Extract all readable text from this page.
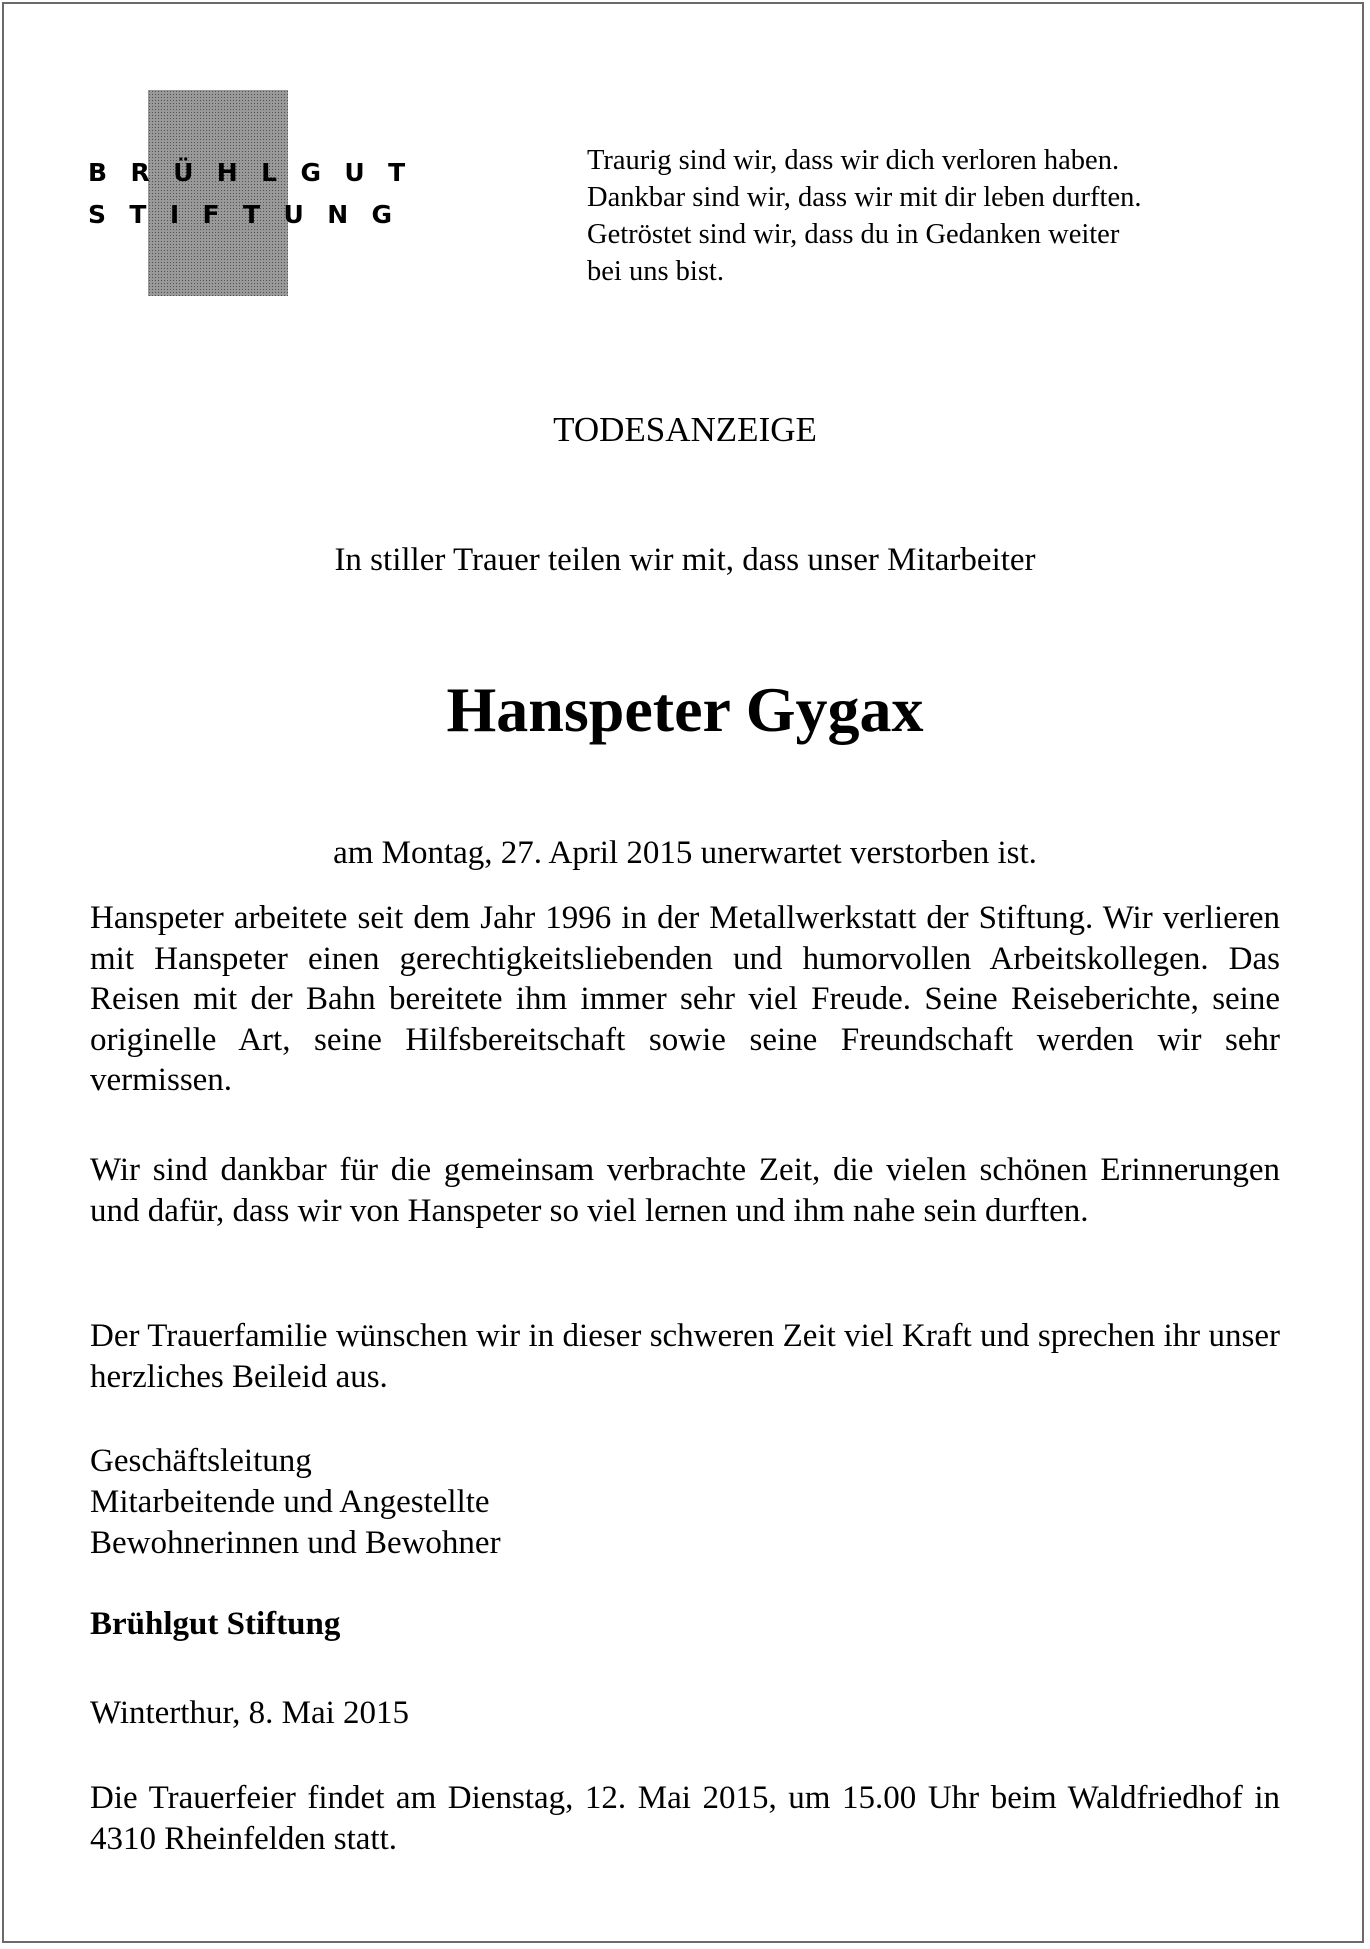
BRÜHLGUT
STIFTUNG
Traurig sind wir, dass wir dich verloren haben.
Dankbar sind wir, dass wir mit dir leben durften.
Getröstet sind wir, dass du in Gedanken weiter
bei uns bist.
TODESANZEIGE
In stiller Trauer teilen wir mit, dass unser Mitarbeiter
Hanspeter Gygax
am Montag, 27. April 2015 unerwartet verstorben ist.
Hanspeter arbeitete seit dem Jahr 1996 in der Metallwerkstatt der Stiftung. Wir verlieren mit Hanspeter einen gerechtigkeitsliebenden und humorvollen Arbeitskollegen. Das Reisen mit der Bahn bereitete ihm immer sehr viel Freude. Seine Reiseberichte, seine originelle Art, seine Hilfsbereitschaft sowie seine Freundschaft werden wir sehr vermissen.
Wir sind dankbar für die gemeinsam verbrachte Zeit, die vielen schönen Erinnerungen und dafür, dass wir von Hanspeter so viel lernen und ihm nahe sein durften.
Der Trauerfamilie wünschen wir in dieser schweren Zeit viel Kraft und sprechen ihr unser herzliches Beileid aus.
Geschäftsleitung
Mitarbeitende und Angestellte
Bewohnerinnen und Bewohner
Brühlgut Stiftung
Winterthur, 8. Mai 2015
Die Trauerfeier findet am Dienstag, 12. Mai 2015, um 15.00 Uhr beim Waldfriedhof in 4310 Rheinfelden statt.
